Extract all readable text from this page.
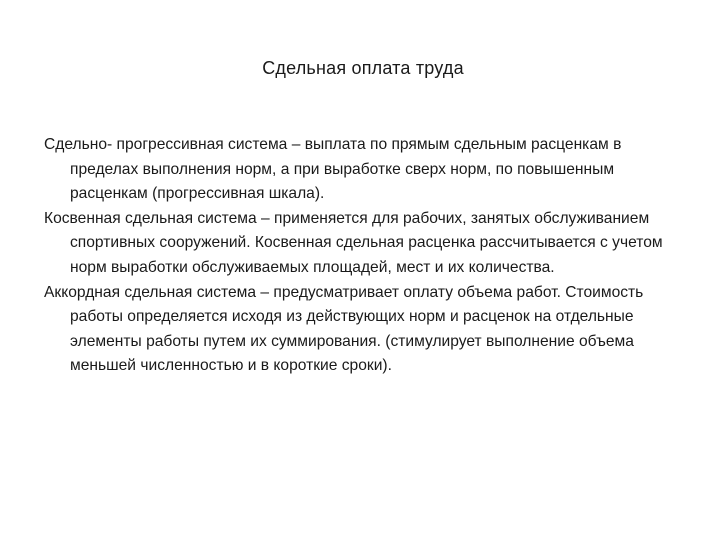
Сдельная оплата труда

Сдельно- прогрессивная система – выплата по прямым сдельным расценкам в пределах выполнения норм, а при выработке сверх норм, по повышенным расценкам (прогрессивная шкала).

Косвенная сдельная система – применяется для рабочих, занятых обслуживанием спортивных сооружений. Косвенная сдельная расценка рассчитывается с учетом норм выработки обслуживаемых площадей, мест и их количества.

Аккордная сдельная система – предусматривает оплату объема работ. Стоимость работы определяется исходя из действующих норм и расценок на отдельные элементы работы путем их суммирования. (стимулирует выполнение объема меньшей численностью и в короткие сроки).
